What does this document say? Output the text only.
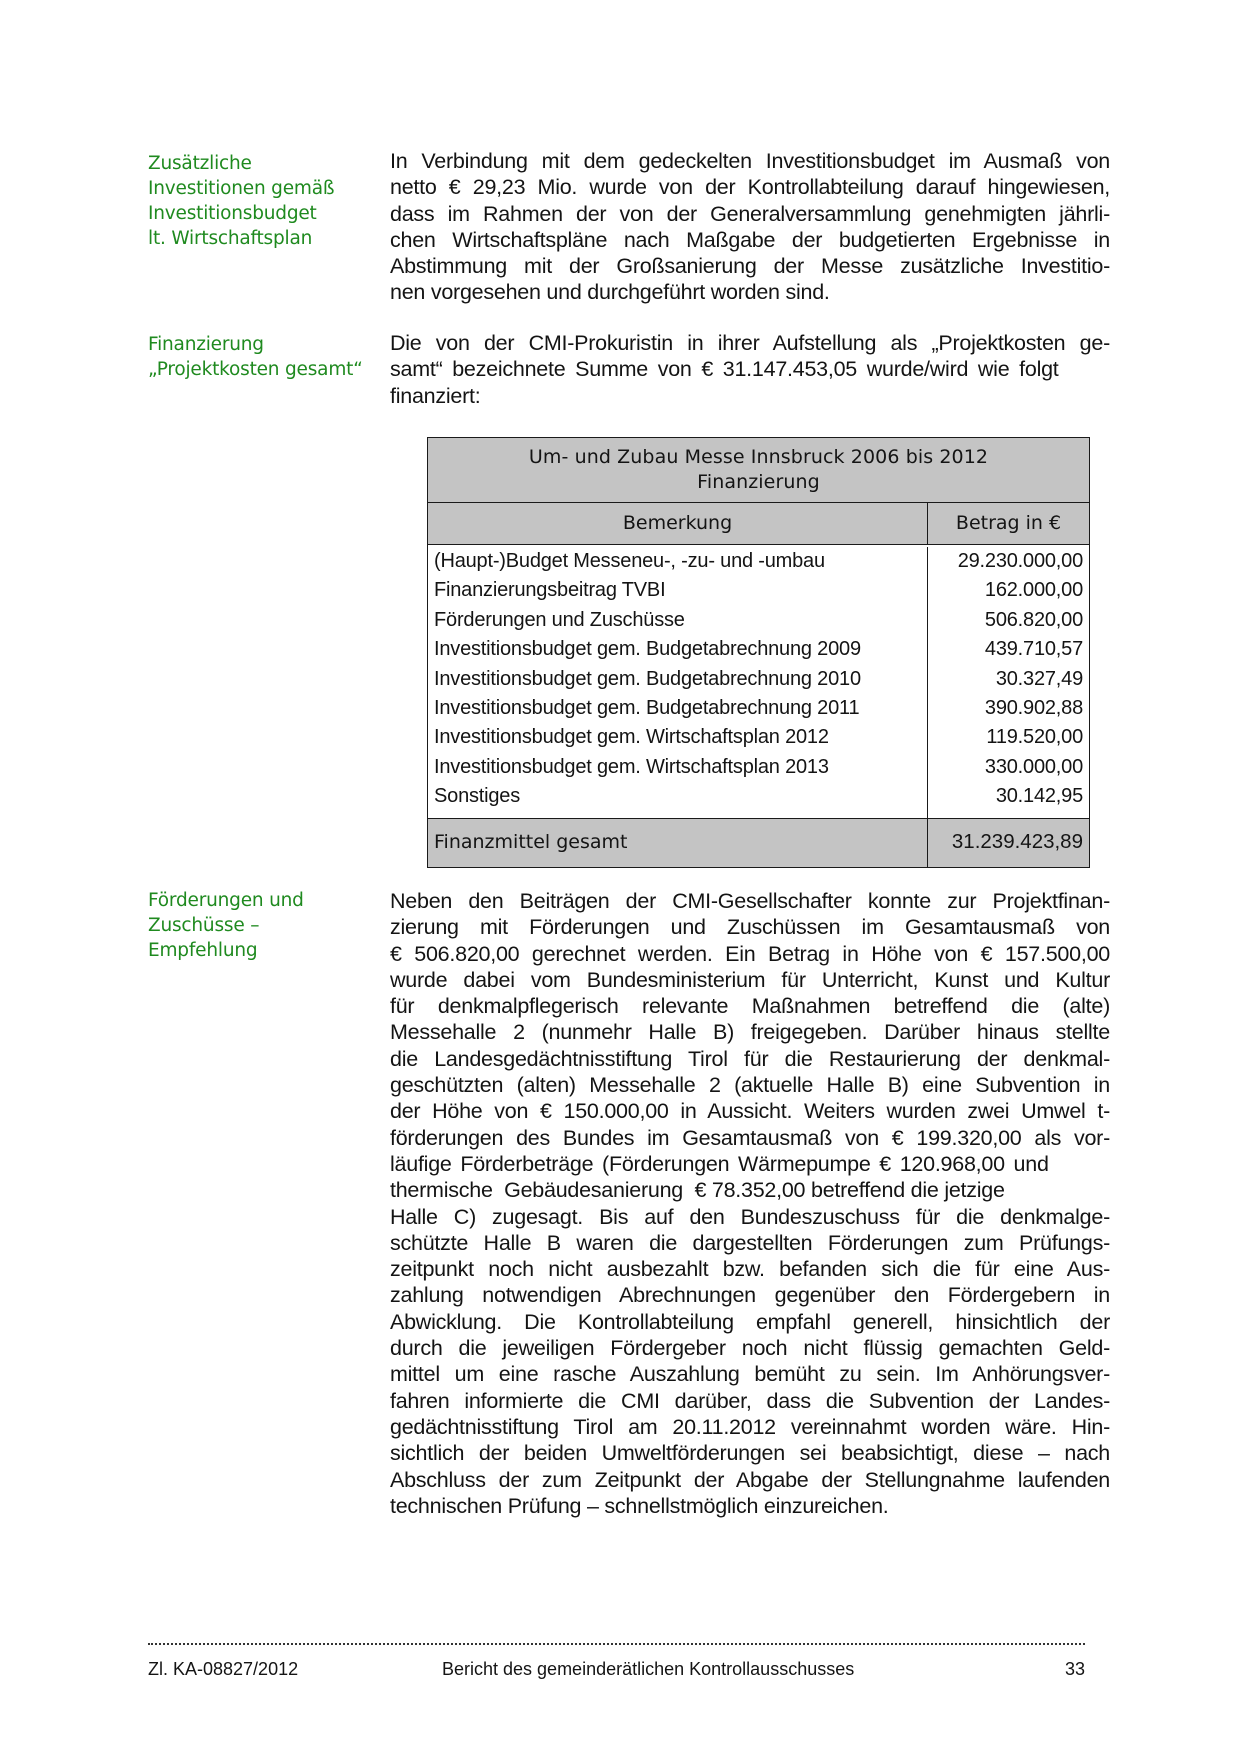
Zusätzliche
Investitionen gemäß
Investitionsbudget
lt. Wirtschaftsplan
In Verbindung mit dem gedeckelten Investitionsbudget im Ausmaß von
netto € 29,23 Mio. wurde von der Kontrollabteilung darauf hingewiesen,
dass im Rahmen der von der Generalversammlung genehmigten jährli-
chen Wirtschaftspläne nach Maßgabe der budgetierten Ergebnisse in
Abstimmung mit der Großsanierung der Messe zusätzliche Investitio-
nen vorgesehen und durchgeführt worden sind.
Finanzierung
„Projektkosten gesamt“
Die von der CMI-Prokuristin in ihrer Aufstellung als „Projektkosten ge-
samt“ bezeichnete Summe von € 31.147.453,05 wurde/wird wie folgt
finanziert:
Um- und Zubau Messe Innsbruck 2006 bis 2012
Finanzierung
Bemerkung	Betrag in €
(Haupt-)Budget Messeneu-, -zu- und -umbau	29.230.000,00
Finanzierungsbeitrag TVBI	162.000,00
Förderungen und Zuschüsse	506.820,00
Investitionsbudget gem. Budgetabrechnung 2009	439.710,57
Investitionsbudget gem. Budgetabrechnung 2010	30.327,49
Investitionsbudget gem. Budgetabrechnung 2011	390.902,88
Investitionsbudget gem. Wirtschaftsplan 2012	119.520,00
Investitionsbudget gem. Wirtschaftsplan 2013	330.000,00
Sonstiges	30.142,95
Finanzmittel gesamt	31.239.423,89
Förderungen und
Zuschüsse –
Empfehlung
Neben den Beiträgen der CMI-Gesellschafter konnte zur Projektfinan-
zierung mit Förderungen und Zuschüssen im Gesamtausmaß von
€ 506.820,00 gerechnet werden. Ein Betrag in Höhe von € 157.500,00
wurde dabei vom Bundesministerium für Unterricht, Kunst und Kultur
für denkmalpflegerisch relevante Maßnahmen betreffend die (alte)
Messehalle 2 (nunmehr Halle B) freigegeben. Darüber hinaus stellte
die Landesgedächtnisstiftung Tirol für die Restaurierung der denkmal-
geschützten (alten) Messehalle 2 (aktuelle Halle B) eine Subvention in
der Höhe von € 150.000,00 in Aussicht. Weiters wurden zwei Umwel t-
förderungen des Bundes im Gesamtausmaß von € 199.320,00 als vor-
läufige Förderbeträge (Förderungen Wärmepumpe € 120.968,00 und
thermische  Gebäudesanierung  € 78.352,00 betreffend die jetzige
Halle C) zugesagt. Bis auf den Bundeszuschuss für die denkmalge-
schützte Halle B waren die dargestellten Förderungen zum Prüfungs-
zeitpunkt noch nicht ausbezahlt bzw. befanden sich die für eine Aus-
zahlung notwendigen Abrechnungen gegenüber den Fördergebern in
Abwicklung. Die Kontrollabteilung empfahl generell, hinsichtlich der
durch die jeweiligen Fördergeber noch nicht flüssig gemachten Geld-
mittel um eine rasche Auszahlung bemüht zu sein. Im Anhörungsver-
fahren informierte die CMI darüber, dass die Subvention der Landes-
gedächtnisstiftung Tirol am 20.11.2012 vereinnahmt worden wäre. Hin-
sichtlich der beiden Umweltförderungen sei beabsichtigt, diese – nach
Abschluss der zum Zeitpunkt der Abgabe der Stellungnahme laufenden
technischen Prüfung – schnellstmöglich einzureichen.
Zl. KA-08827/2012	Bericht des gemeinderätlichen Kontrollausschusses	33
